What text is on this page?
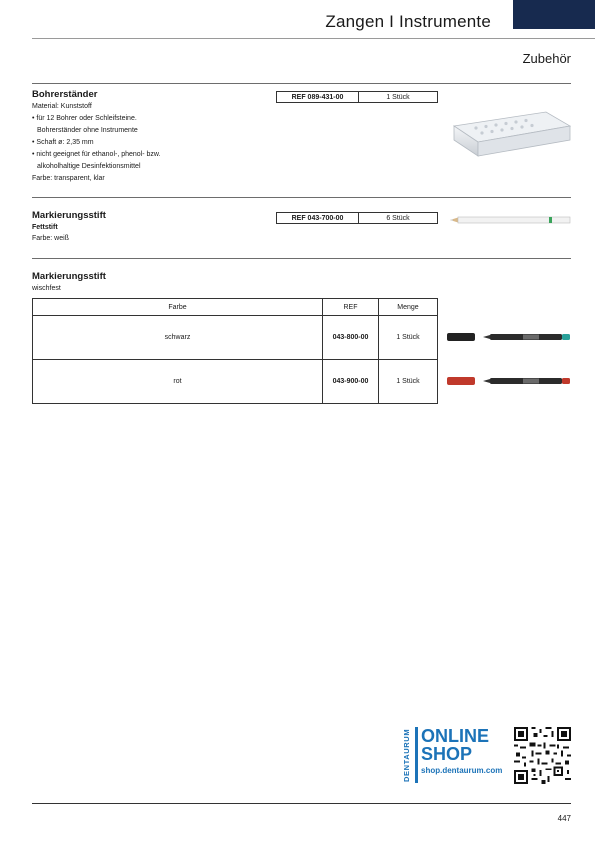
Zangen I Instrumente
Zubehör
Bohrerständer
Material: Kunststoff
• für 12 Bohrer oder Schleifsteine.
Bohrerständer ohne Instrumente
• Schaft ø: 2,35 mm
• nicht geeignet für ethanol-, phenol- bzw.
alkoholhaltige Desinfektionsmittel
Farbe: transparent, klar
REF 089-431-00	1 Stück
Markierungsstift
Fettstift
Farbe: weiß
REF 043-700-00	6 Stück
Markierungsstift
wischfest
Farbe	REF	Menge
schwarz	043-800-00	1 Stück
rot	043-900-00	1 Stück
DENTAURUM ONLINE
SHOP
shop.dentaurum.com
447
